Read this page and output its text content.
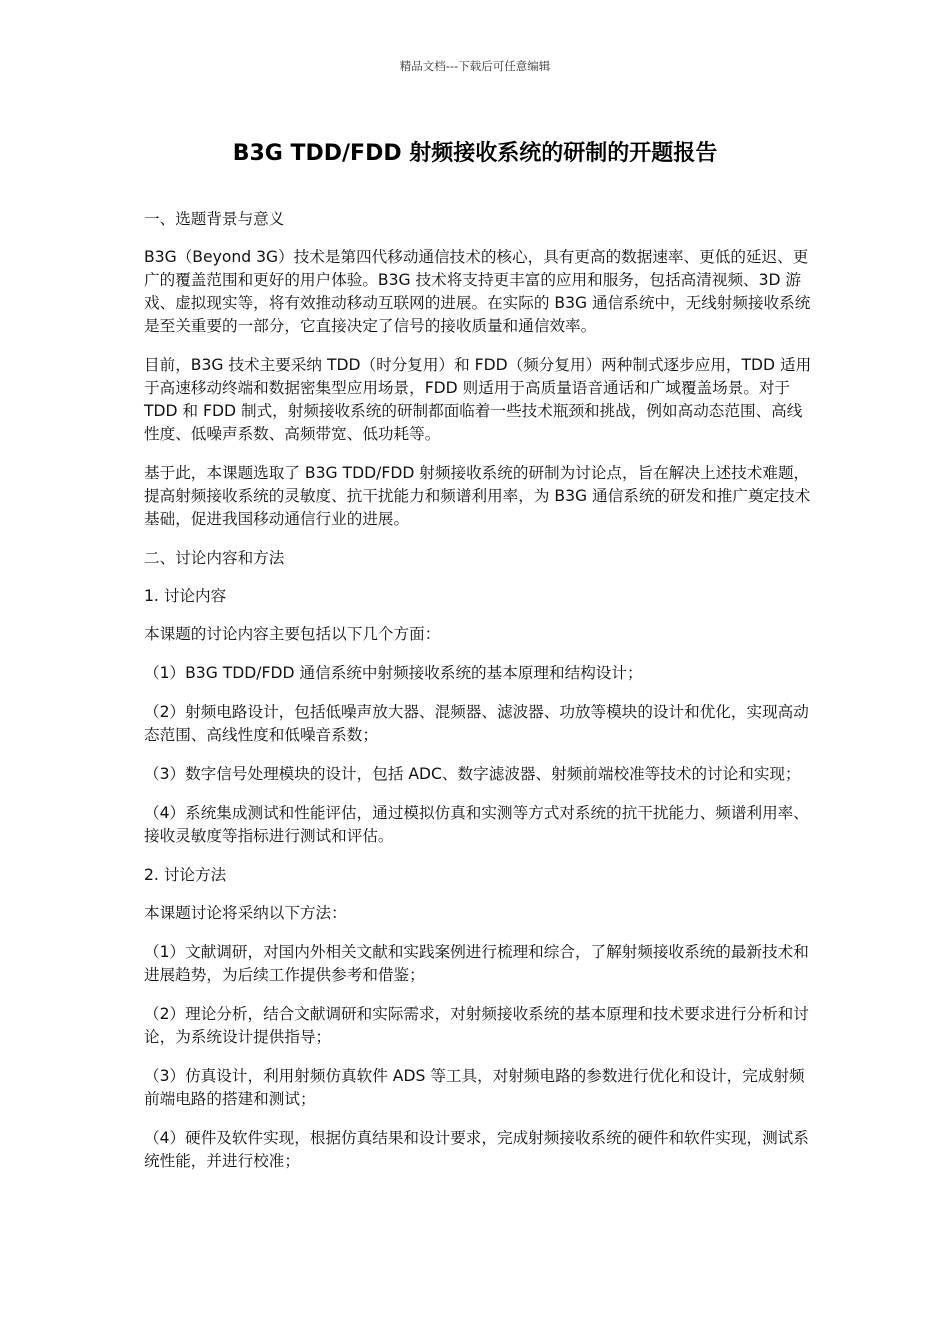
精品文档---下载后可任意编辑
B3G TDD/FDD 射频接收系统的研制的开题报告

一、选题背景与意义

B3G（Beyond 3G）技术是第四代移动通信技术的核心，具有更高的数据速率、更低的延迟、更广的覆盖范围和更好的用户体验。B3G 技术将支持更丰富的应用和服务，包括高清视频、3D 游戏、虚拟现实等，将有效推动移动互联网的进展。在实际的 B3G 通信系统中，无线射频接收系统是至关重要的一部分，它直接决定了信号的接收质量和通信效率。

目前，B3G 技术主要采纳 TDD（时分复用）和 FDD（频分复用）两种制式逐步应用，TDD 适用于高速移动终端和数据密集型应用场景，FDD 则适用于高质量语音通话和广域覆盖场景。对于 TDD 和 FDD 制式，射频接收系统的研制都面临着一些技术瓶颈和挑战，例如高动态范围、高线性度、低噪声系数、高频带宽、低功耗等。

基于此，本课题选取了 B3G TDD/FDD 射频接收系统的研制为讨论点，旨在解决上述技术难题，提高射频接收系统的灵敏度、抗干扰能力和频谱利用率，为 B3G 通信系统的研发和推广奠定技术基础，促进我国移动通信行业的进展。

二、讨论内容和方法

1. 讨论内容

本课题的讨论内容主要包括以下几个方面：

（1）B3G TDD/FDD 通信系统中射频接收系统的基本原理和结构设计；

（2）射频电路设计，包括低噪声放大器、混频器、滤波器、功放等模块的设计和优化，实现高动态范围、高线性度和低噪音系数；

（3）数字信号处理模块的设计，包括 ADC、数字滤波器、射频前端校准等技术的讨论和实现；

（4）系统集成测试和性能评估，通过模拟仿真和实测等方式对系统的抗干扰能力、频谱利用率、接收灵敏度等指标进行测试和评估。

2. 讨论方法

本课题讨论将采纳以下方法：

（1）文献调研，对国内外相关文献和实践案例进行梳理和综合，了解射频接收系统的最新技术和进展趋势，为后续工作提供参考和借鉴；

（2）理论分析，结合文献调研和实际需求，对射频接收系统的基本原理和技术要求进行分析和讨论，为系统设计提供指导；

（3）仿真设计，利用射频仿真软件 ADS 等工具，对射频电路的参数进行优化和设计，完成射频前端电路的搭建和测试；

（4）硬件及软件实现，根据仿真结果和设计要求，完成射频接收系统的硬件和软件实现，测试系统性能，并进行校准；
